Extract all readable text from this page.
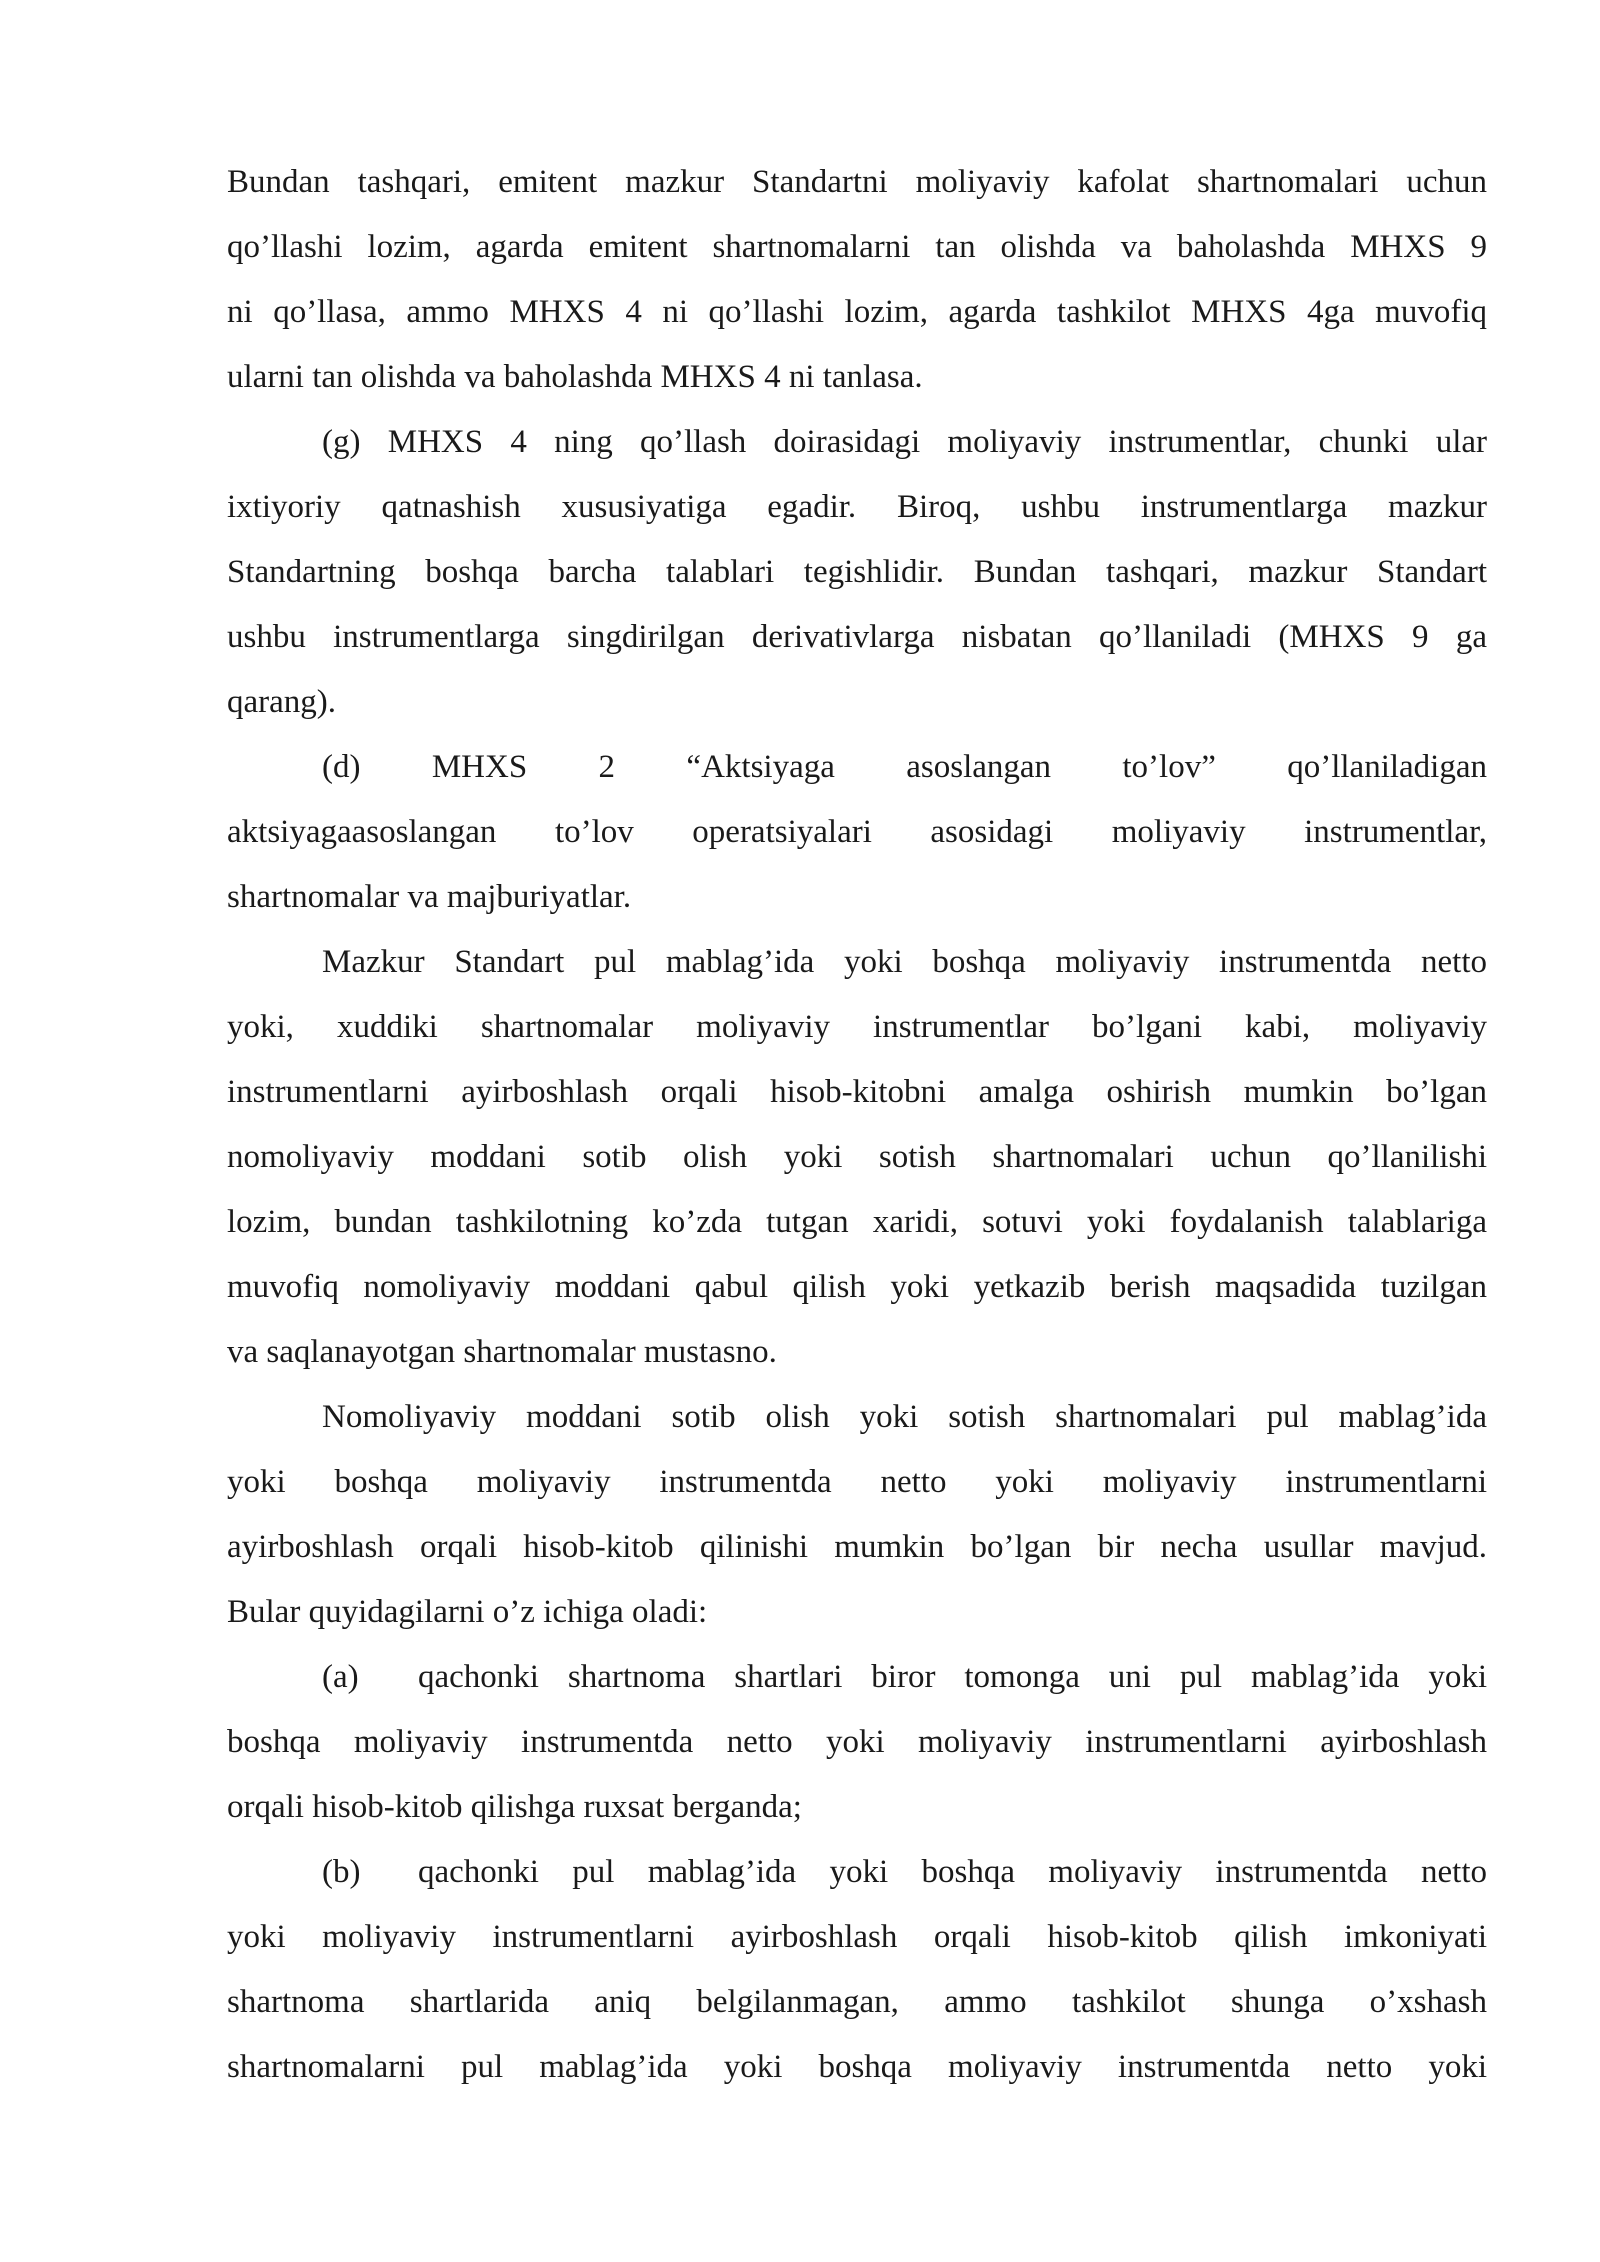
Bundan tashqari, emitent mazkur Standartni moliyaviy kafolat shartnomalari uchun
qo’llashi lozim, agarda emitent shartnomalarni tan olishda va baholashda MHXS 9
ni qo’llasa, ammo MHXS 4 ni qo’llashi lozim, agarda tashkilot MHXS 4ga muvofiq
ularni tan olishda va baholashda MHXS 4 ni tanlasa.
(g) MHXS 4 ning qo’llash doirasidagi moliyaviy instrumentlar, chunki ular
ixtiyoriy qatnashish xususiyatiga egadir. Biroq, ushbu instrumentlarga mazkur
Standartning boshqa barcha talablari tegishlidir. Bundan tashqari, mazkur Standart
ushbu instrumentlarga singdirilgan derivativlarga nisbatan qo’llaniladi (MHXS 9 ga
qarang).
(d) MHXS 2 “Aktsiyaga asoslangan to’lov” qo’llaniladigan
aktsiyagaasoslangan to’lov operatsiyalari asosidagi moliyaviy instrumentlar,
shartnomalar va majburiyatlar.
Mazkur Standart pul mablag’ida yoki boshqa moliyaviy instrumentda netto
yoki, xuddiki shartnomalar moliyaviy instrumentlar bo’lgani kabi, moliyaviy
instrumentlarni ayirboshlash orqali hisob-kitobni amalga oshirish mumkin bo’lgan
nomoliyaviy moddani sotib olish yoki sotish shartnomalari uchun qo’llanilishi
lozim, bundan tashkilotning ko’zda tutgan xaridi, sotuvi yoki foydalanish talablariga
muvofiq nomoliyaviy moddani qabul qilish yoki yetkazib berish maqsadida tuzilgan
va saqlanayotgan shartnomalar mustasno.
Nomoliyaviy moddani sotib olish yoki sotish shartnomalari pul mablag’ida
yoki boshqa moliyaviy instrumentda netto yoki moliyaviy instrumentlarni
ayirboshlash orqali hisob-kitob qilinishi mumkin bo’lgan bir necha usullar mavjud.
Bular quyidagilarni o’z ichiga oladi:
(a)	qachonki shartnoma shartlari biror tomonga uni pul mablag’ida yoki
boshqa moliyaviy instrumentda netto yoki moliyaviy instrumentlarni ayirboshlash
orqali hisob-kitob qilishga ruxsat berganda;
(b)	qachonki pul mablag’ida yoki boshqa moliyaviy instrumentda netto
yoki moliyaviy instrumentlarni ayirboshlash orqali hisob-kitob qilish imkoniyati
shartnoma shartlarida aniq belgilanmagan, ammo tashkilot shunga o’xshash
shartnomalarni pul mablag’ida yoki boshqa moliyaviy instrumentda netto yoki
